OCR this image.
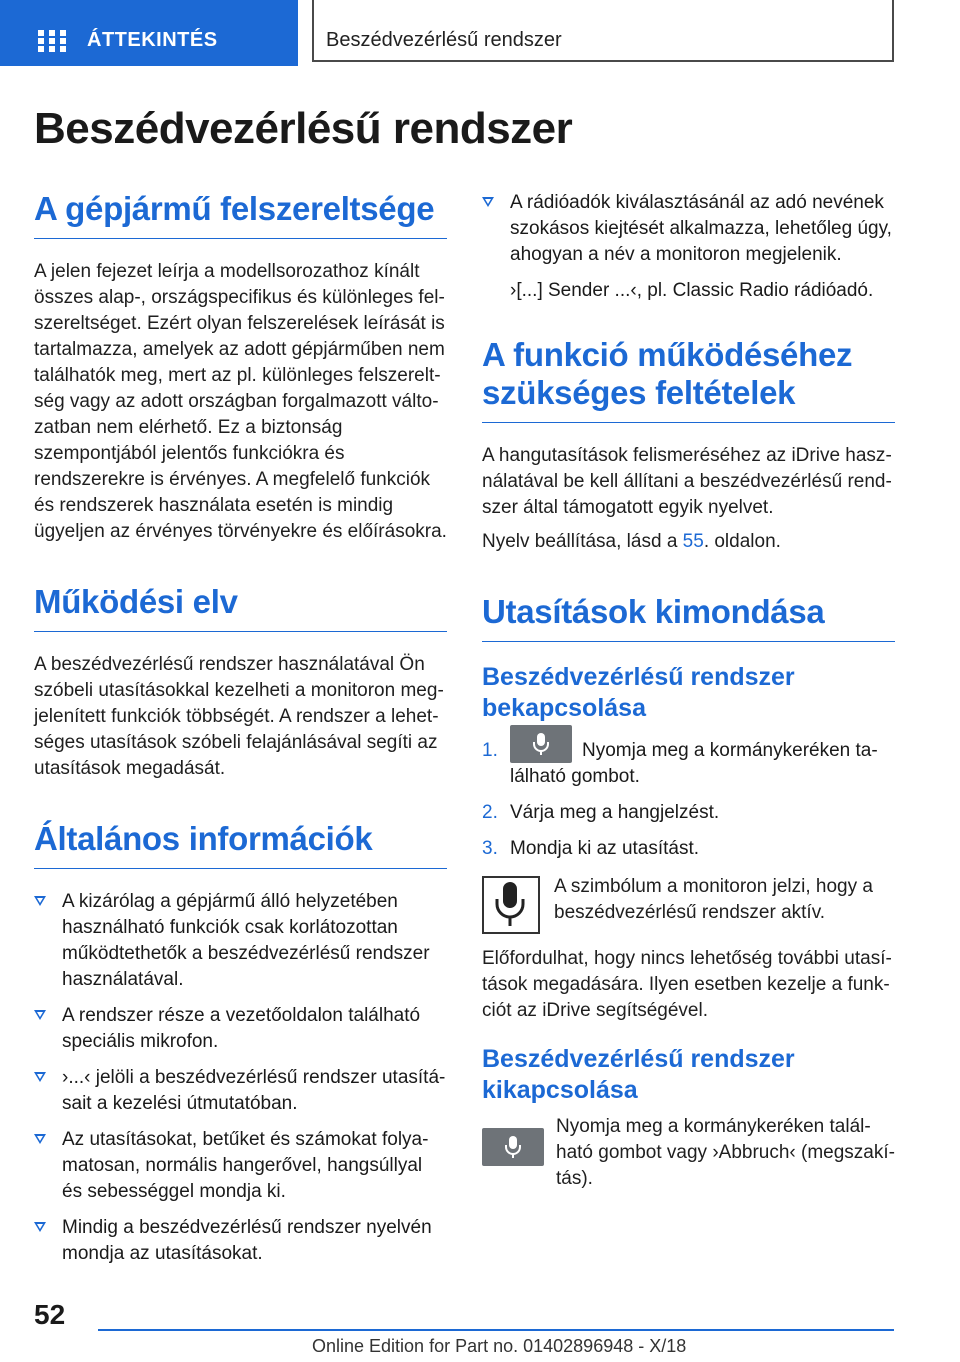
ÁTTEKINTÉS	Beszédvezérlésű rendszer
Beszédvezérlésű rendszer
A gépjármű felszereltsége

A jelen fejezet leírja a modellsorozathoz kínált összes alap-, országspecifikus és különleges felszereltséget. Ezért olyan felszerelések leírását is tartalmazza, amelyek az adott gépjárműben nem találhatók meg, mert az pl. különleges felszereltség vagy az adott országban forgalmazott változatban nem elérhető. Ez a biztonság szempontjából jelentős funkciókra és rendszerekre is érvényes. A megfelelő funkciók és rendszerek használata esetén is mindig ügyeljen az érvényes törvényekre és előírásokra.

Működési elv

A beszédvezérlésű rendszer használatával Ön szóbeli utasításokkal kezelheti a monitoron megjelenített funkciók többségét. A rendszer a lehetséges utasítások szóbeli felajánlásával segíti az utasítások megadását.

Általános információk
A kizárólag a gépjármű álló helyzetében használható funkciók csak korlátozottan működtethetők a beszédvezérlésű rendszer használatával.
A rendszer része a vezetőoldalon található speciális mikrofon.
›...‹ jelöli a beszédvezérlésű rendszer utasításait a kezelési útmutatóban.
Az utasításokat, betűket és számokat folyamatosan, normális hangerővel, hangsúllyal és sebességgel mondja ki.
Mindig a beszédvezérlésű rendszer nyelvén mondja az utasításokat.
A rádióadók kiválasztásánál az adó nevének szokásos kiejtését alkalmazza, lehetőleg úgy, ahogyan a név a monitoron megjelenik.
›[...] Sender ...‹, pl. Classic Radio rádióadó.
A funkció működéséhez szükséges feltételek

A hangutasítások felismeréséhez az iDrive használatával be kell állítani a beszédvezérlésű rendszer által támogatott egyik nyelvet.

Nyelv beállítása, lásd a 55. oldalon.

Utasítások kimondása
Beszédvezérlésű rendszer bekapcsolása
1.	Nyomja meg a kormánykeréken található gombot.
2. Várja meg a hangjelzést.
3. Mondja ki az utasítást.

A szimbólum a monitoron jelzi, hogy a beszédvezérlésű rendszer aktív.

Előfordulhat, hogy nincs lehetőség további utasítások megadására. Ilyen esetben kezelje a funkciót az iDrive segítségével.

Beszédvezérlésű rendszer kikapcsolása

Nyomja meg a kormánykeréken található gombot vagy ›Abbruch‹ (megszakítás).

52
Online Edition for Part no. 01402896948 - X/18
